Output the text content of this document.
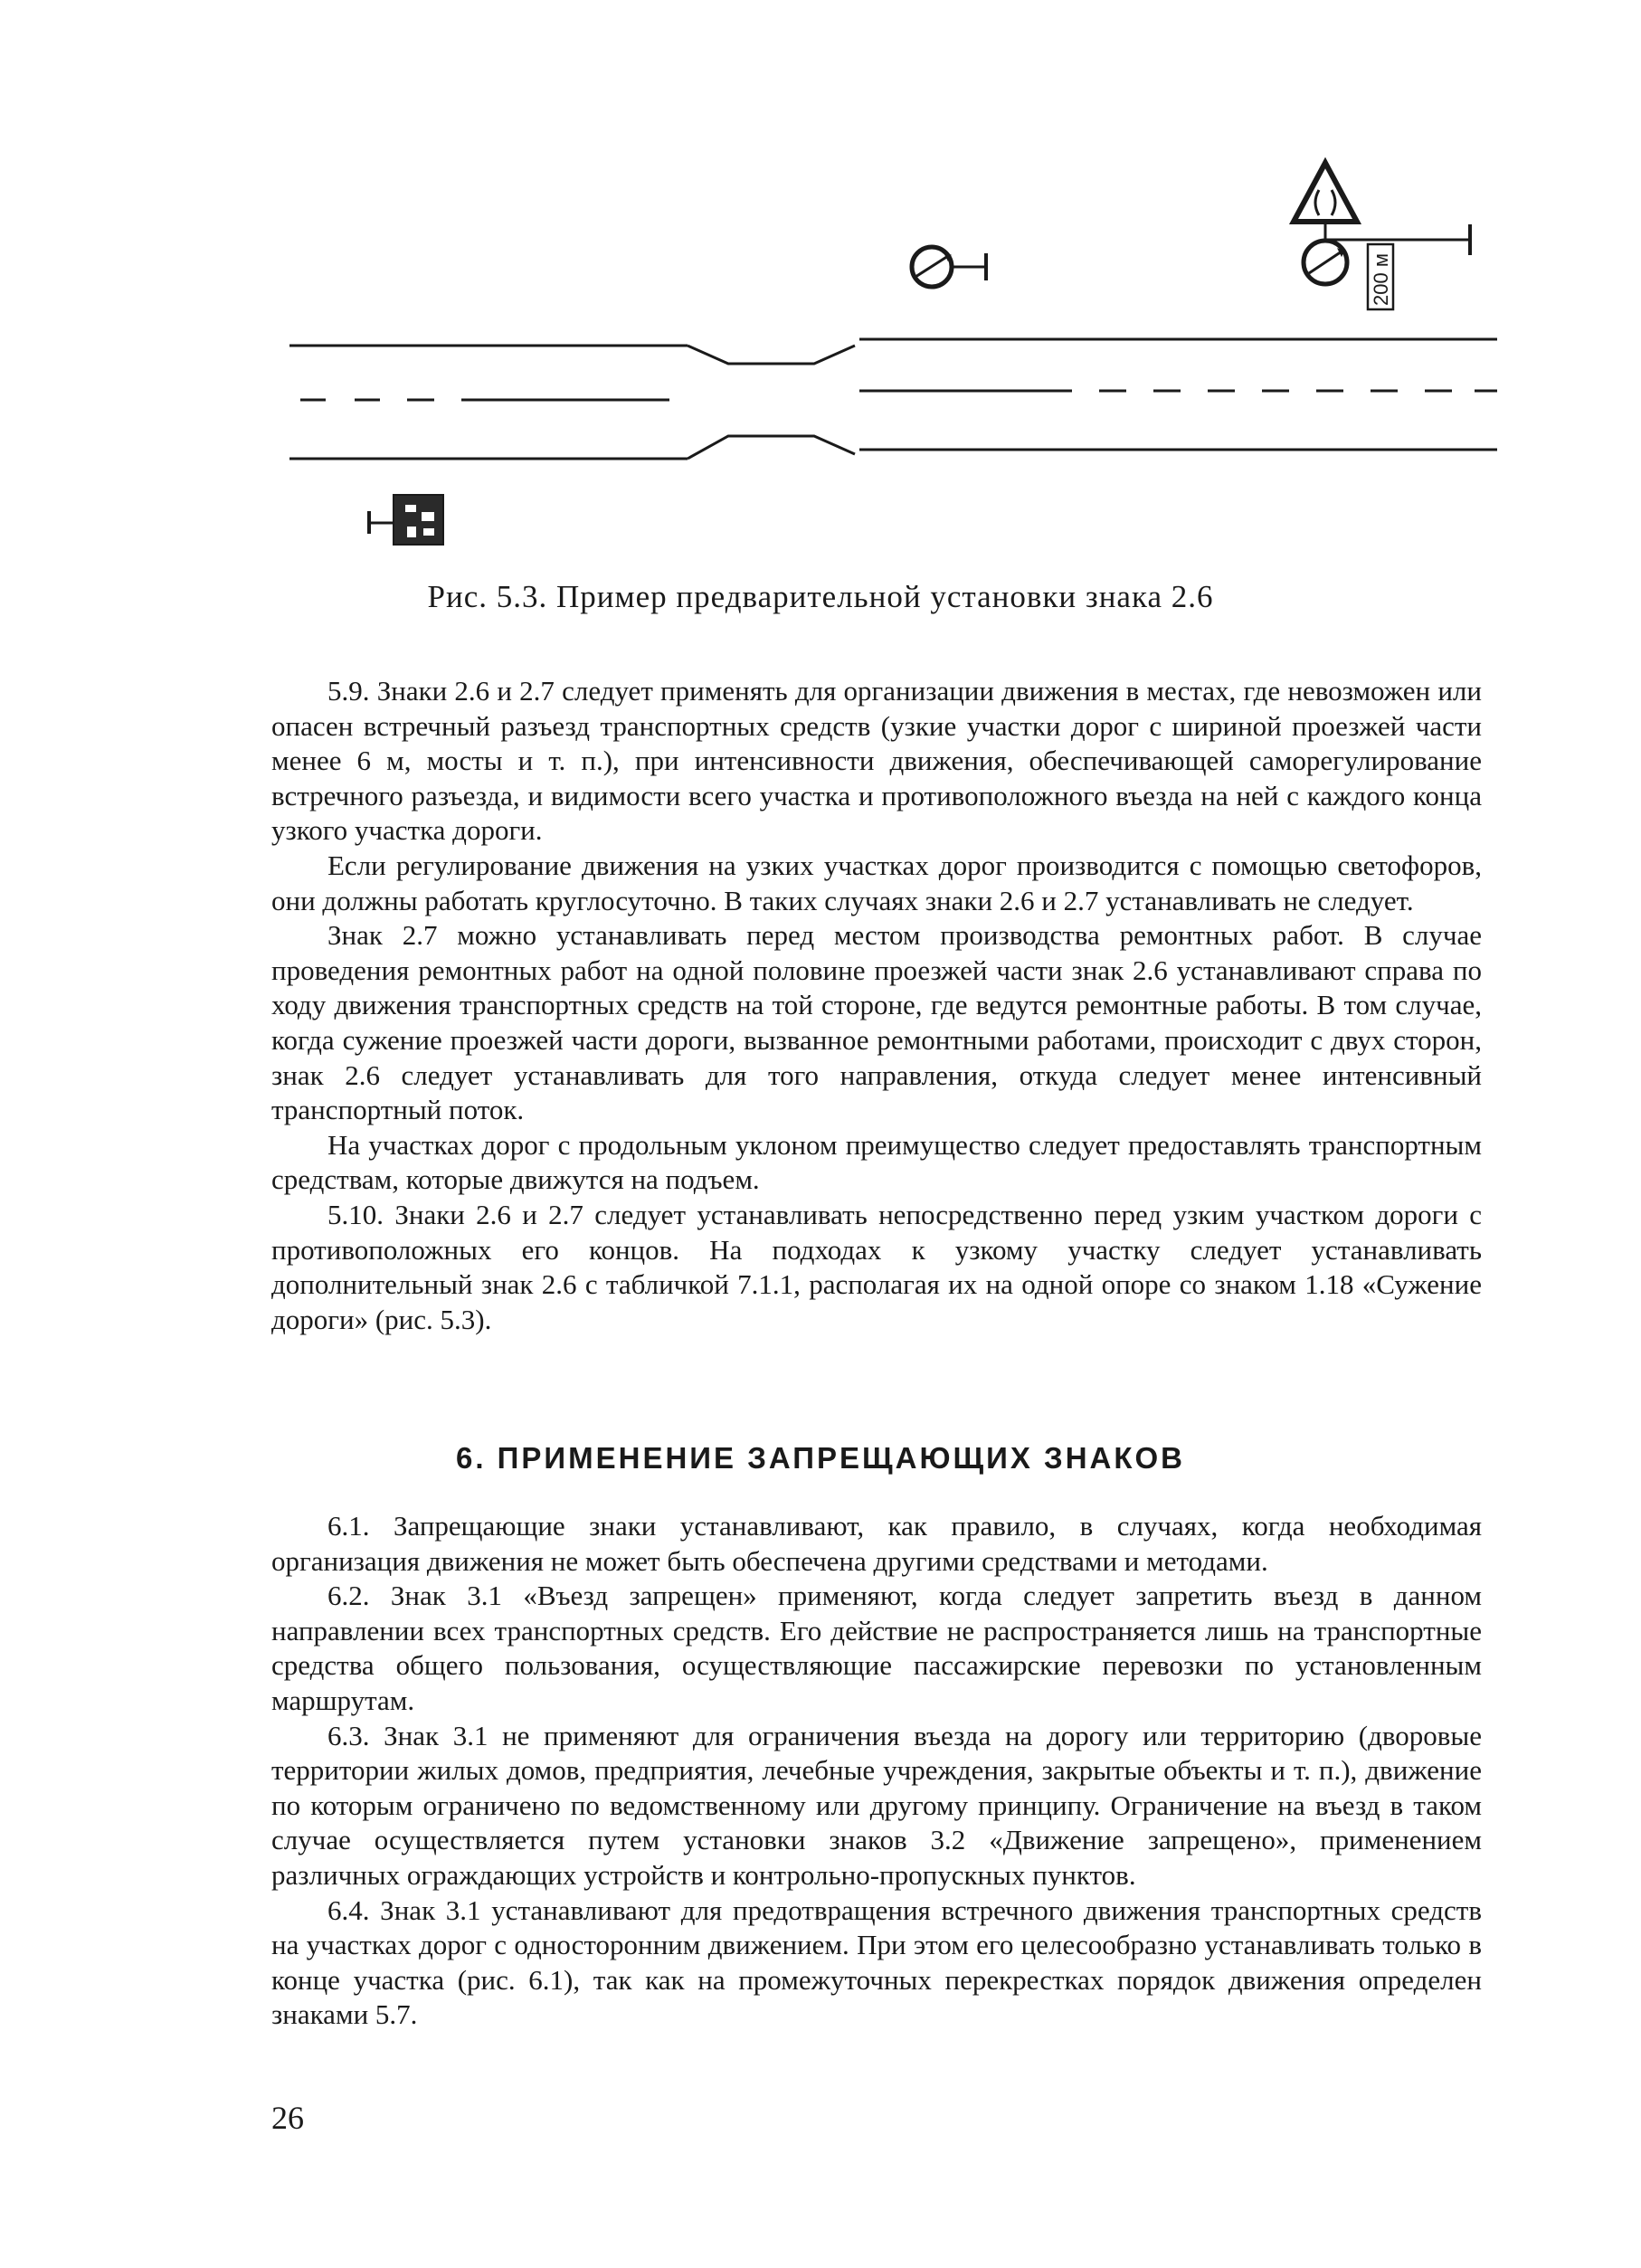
200 м
Рис. 5.3. Пример предварительной установки знака 2.6

5.9. Знаки 2.6 и 2.7 следует применять для организации движения в местах, где невозможен или опасен встречный разъезд транспортных средств (узкие участки дорог с шириной проезжей части менее 6 м, мосты и т. п.), при интенсивности движения, обеспечивающей саморегулирование встречного разъезда, и видимости всего участка и противоположного въезда на ней с каждого конца узкого участка дороги.

Если регулирование движения на узких участках дорог производится с помощью светофоров, они должны работать круглосуточно. В таких случаях знаки 2.6 и 2.7 устанавливать не следует.

Знак 2.7 можно устанавливать перед местом производства ремонтных работ. В случае проведения ремонтных работ на одной половине проезжей части знак 2.6 устанавливают справа по ходу движения транспортных средств на той стороне, где ведутся ремонтные работы. В том случае, когда сужение проезжей части дороги, вызванное ремонтными работами, происходит с двух сторон, знак 2.6 следует устанавливать для того направления, откуда следует менее интенсивный транспортный поток.

На участках дорог с продольным уклоном преимущество следует предоставлять транспортным средствам, которые движутся на подъем.

5.10. Знаки 2.6 и 2.7 следует устанавливать непосредственно перед узким участком дороги с противоположных его концов. На подходах к узкому участку следует устанавливать дополнительный знак 2.6 с табличкой 7.1.1, располагая их на одной опоре со знаком 1.18 «Сужение дороги» (рис. 5.3).

6. ПРИМЕНЕНИЕ ЗАПРЕЩАЮЩИХ ЗНАКОВ

6.1. Запрещающие знаки устанавливают, как правило, в случаях, когда необходимая организация движения не может быть обеспечена другими средствами и методами.

6.2. Знак 3.1 «Въезд запрещен» применяют, когда следует запретить въезд в данном направлении всех транспортных средств. Его действие не распространяется лишь на транспортные средства общего пользования, осуществляющие пассажирские перевозки по установленным маршрутам.

6.3. Знак 3.1 не применяют для ограничения въезда на дорогу или территорию (дворовые территории жилых домов, предприятия, лечебные учреждения, закрытые объекты и т. п.), движение по которым ограничено по ведомственному или другому принципу. Ограничение на въезд в таком случае осуществляется путем установки знаков 3.2 «Движение запрещено», применением различных ограждающих устройств и контрольно-пропускных пунктов.

6.4. Знак 3.1 устанавливают для предотвращения встречного движения транспортных средств на участках дорог с односторонним движением. При этом его целесообразно устанавливать только в конце участка (рис. 6.1), так как на промежуточных перекрестках порядок движения определен знаками 5.7.

26
